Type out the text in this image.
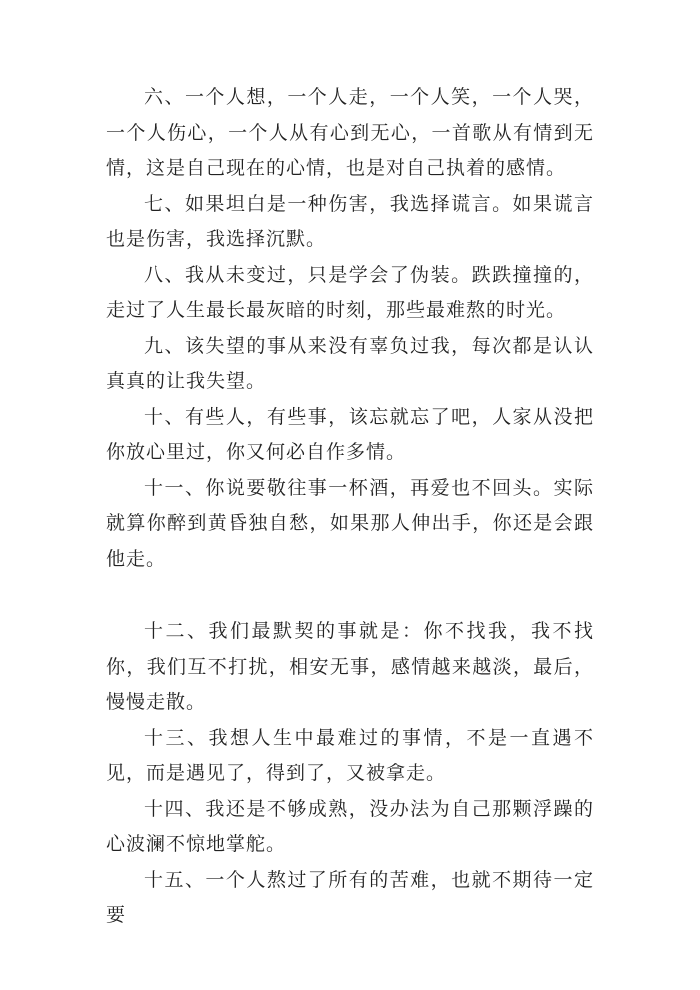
六、一个人想，一个人走，一个人笑，一个人哭，一个人伤心，一个人从有心到无心，一首歌从有情到无情，这是自己现在的心情，也是对自己执着的感情。

七、如果坦白是一种伤害，我选择谎言。如果谎言也是伤害，我选择沉默。

八、我从未变过，只是学会了伪装。跌跌撞撞的，走过了人生最长最灰暗的时刻，那些最难熬的时光。

九、该失望的事从来没有辜负过我，每次都是认认真真的让我失望。

十、有些人，有些事，该忘就忘了吧，人家从没把你放心里过，你又何必自作多情。

十一、你说要敬往事一杯酒，再爱也不回头。实际就算你醉到黄昏独自愁，如果那人伸出手，你还是会跟他走。

十二、我们最默契的事就是：你不找我，我不找你，我们互不打扰，相安无事，感情越来越淡，最后，慢慢走散。

十三、我想人生中最难过的事情，不是一直遇不见，而是遇见了，得到了，又被拿走。

十四、我还是不够成熟，没办法为自己那颗浮躁的心波澜不惊地掌舵。

十五、一个人熬过了所有的苦难，也就不期待一定要
